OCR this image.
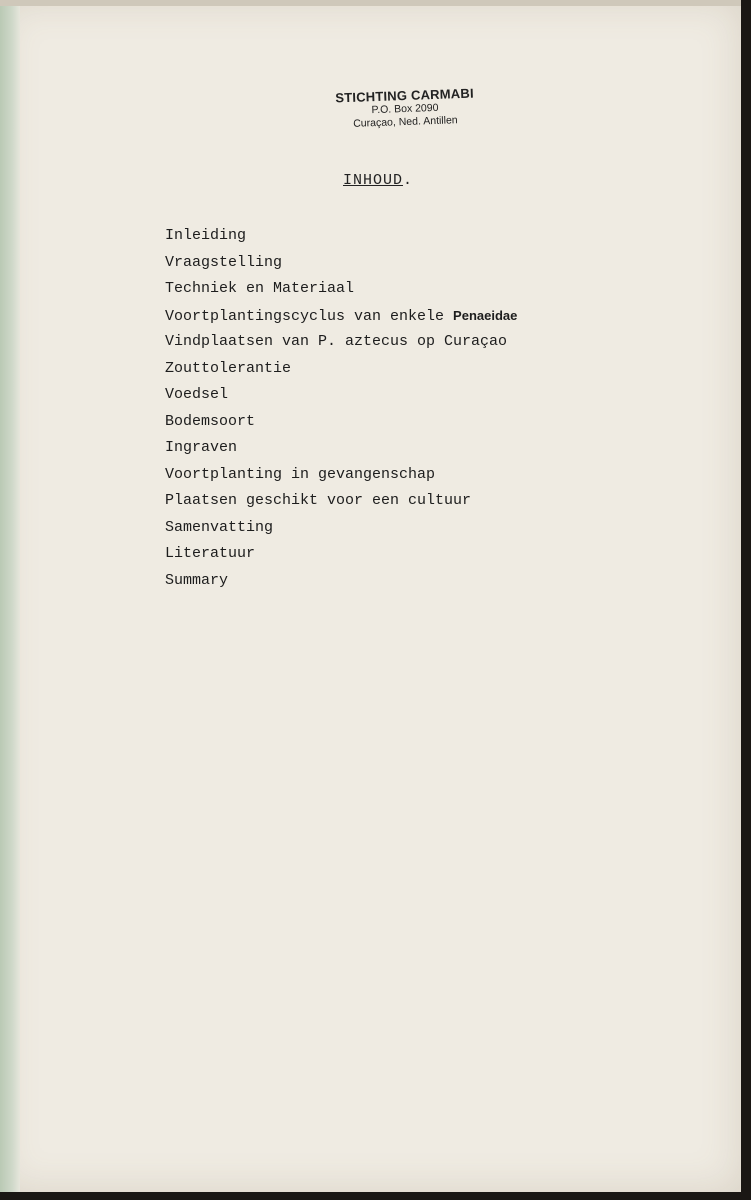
STICHTING CARMABI
P.O. Box 2090
Curaçao, Ned. Antillen
INHOUD.
Inleiding
Vraagstelling
Techniek en Materiaal
Voortplantingscyclus van enkele Penaeidae
Vindplaatsen van P. aztecus op Curaçao
Zouttolerantie
Voedsel
Bodemsoort
Ingraven
Voortplanting in gevangenschap
Plaatsen geschikt voor een cultuur
Samenvatting
Literatuur
Summary
